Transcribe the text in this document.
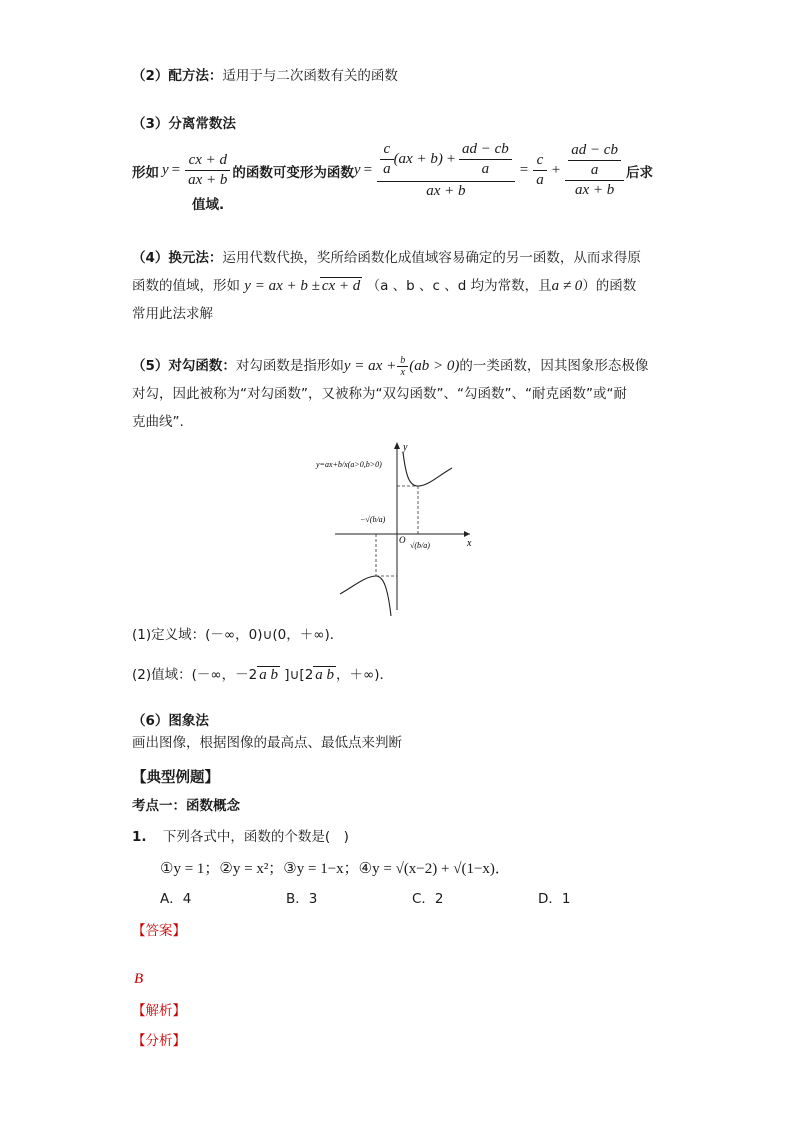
（2）配方法：适用于与二次函数有关的函数
（3）分离常数法
形如 $y = \frac{cx + d}{ax + b}$ 的函数可变形为函数 $y = \frac{\frac{c}{a} (ax + b) + \frac{ad - cb}{a}}{ax + b} = \frac{c}{a} + \frac{\frac{ad - cb}{a}}{ax + b}$ 后求
值域.
（4）换元法：运用代数代换，奖所给函数化成值域容易确定的另一函数，从而求得原
函数的值域，形如 y = ax + b ± cx + d （a 、b 、c 、d 均为常数，且a ≠ 0）的函数
常用此法求解
（5）对勾函数： 对勾函数是指形如 y = ax + $\frac{b}{x} (ab > 0)$ 的一类函数，因其图象形态极像
对勾，因此被称为“对勾函数”，又被称为“双勾函数”、“勾函数”、“耐克函数”或“耐
克曲线”.
y
x
O
y=ax+b/x(a>0,b>0)
−√(b/a)
√(b/a)
(1)定义域：(－∞，0)∪(0，＋∞)．
(2)值域：(－∞，－2 a b ]∪[2 a b ，＋∞)．
（6）图象法
画出图像，根据图像的最高点、最低点来判断
【典型例题】
考点一：函数概念
1. 下列各式中，函数的个数是(　)
①y = 1；②y = x²；③y = 1−x；④y = √(x−2) + √(1−x)．
A．4	B．3	C．2	D．1
【答案】
B
【解析】
【分析】
